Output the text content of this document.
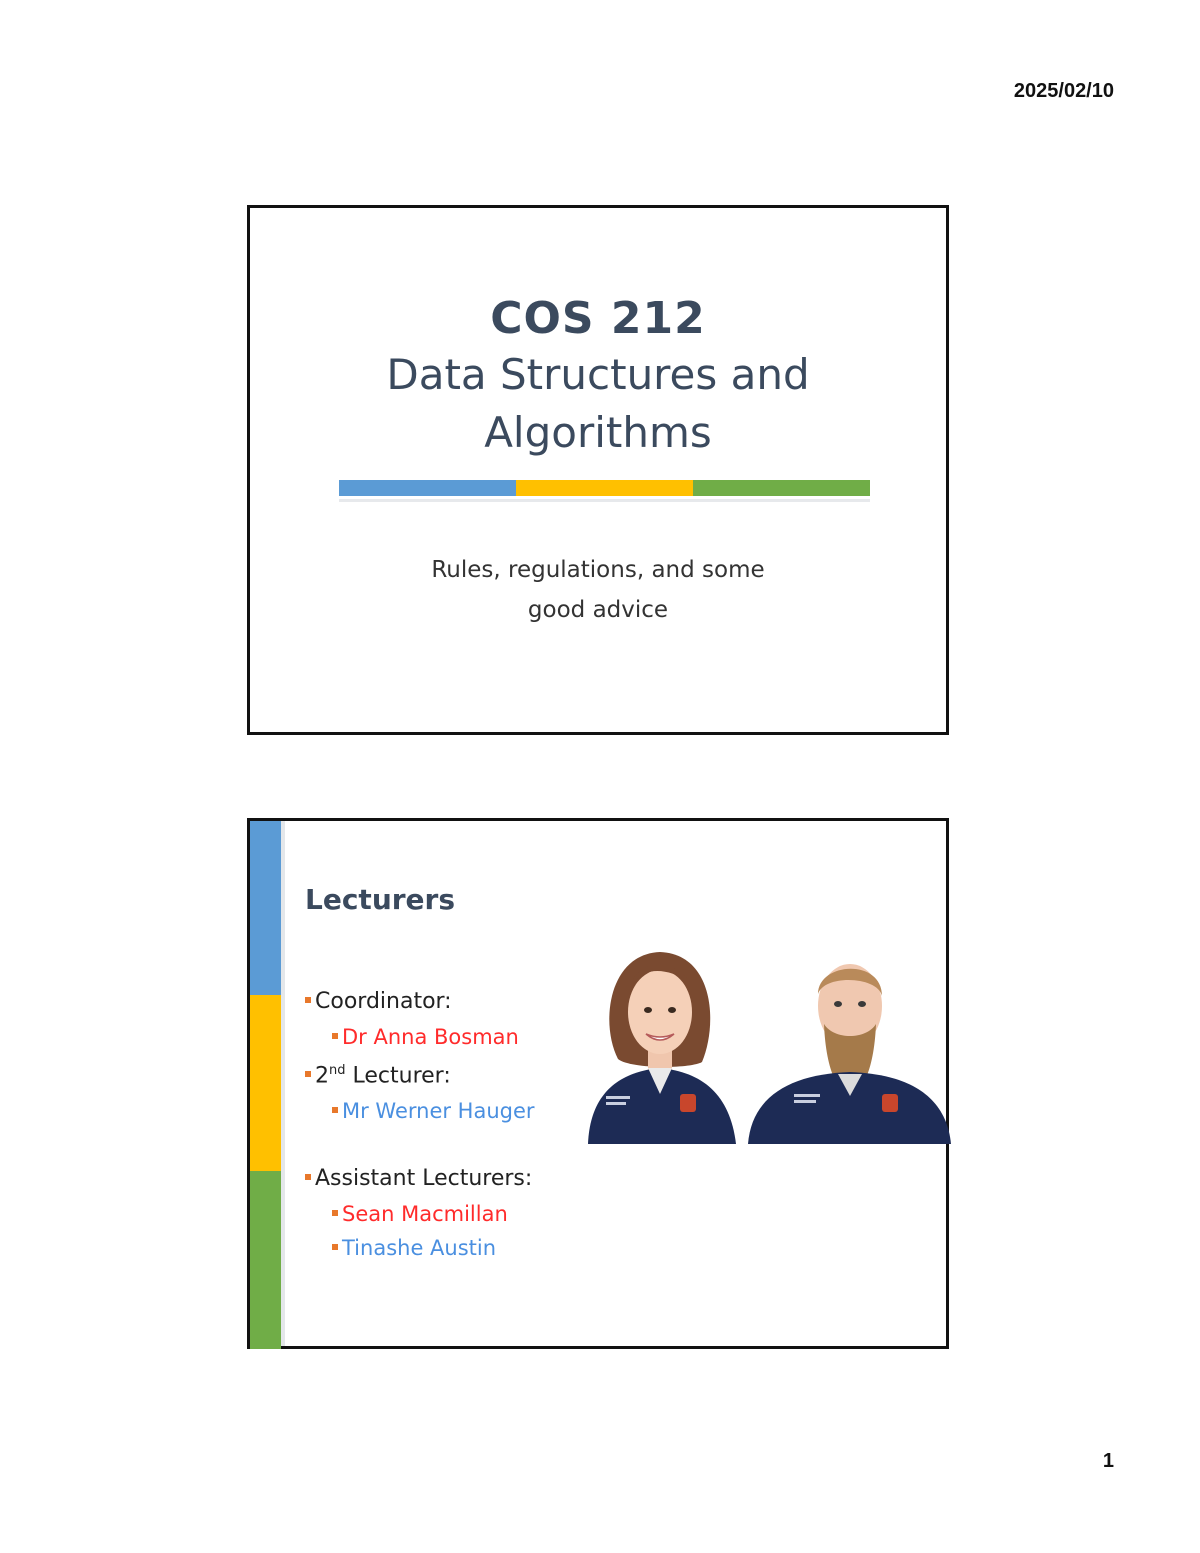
2025/02/10
COS 212
Data Structures and
Algorithms
Rules, regulations, and some
good advice
Lecturers
Coordinator:
Dr Anna Bosman
2nd Lecturer:
Mr Werner Hauger
Assistant Lecturers:
Sean Macmillan
Tinashe Austin
1
